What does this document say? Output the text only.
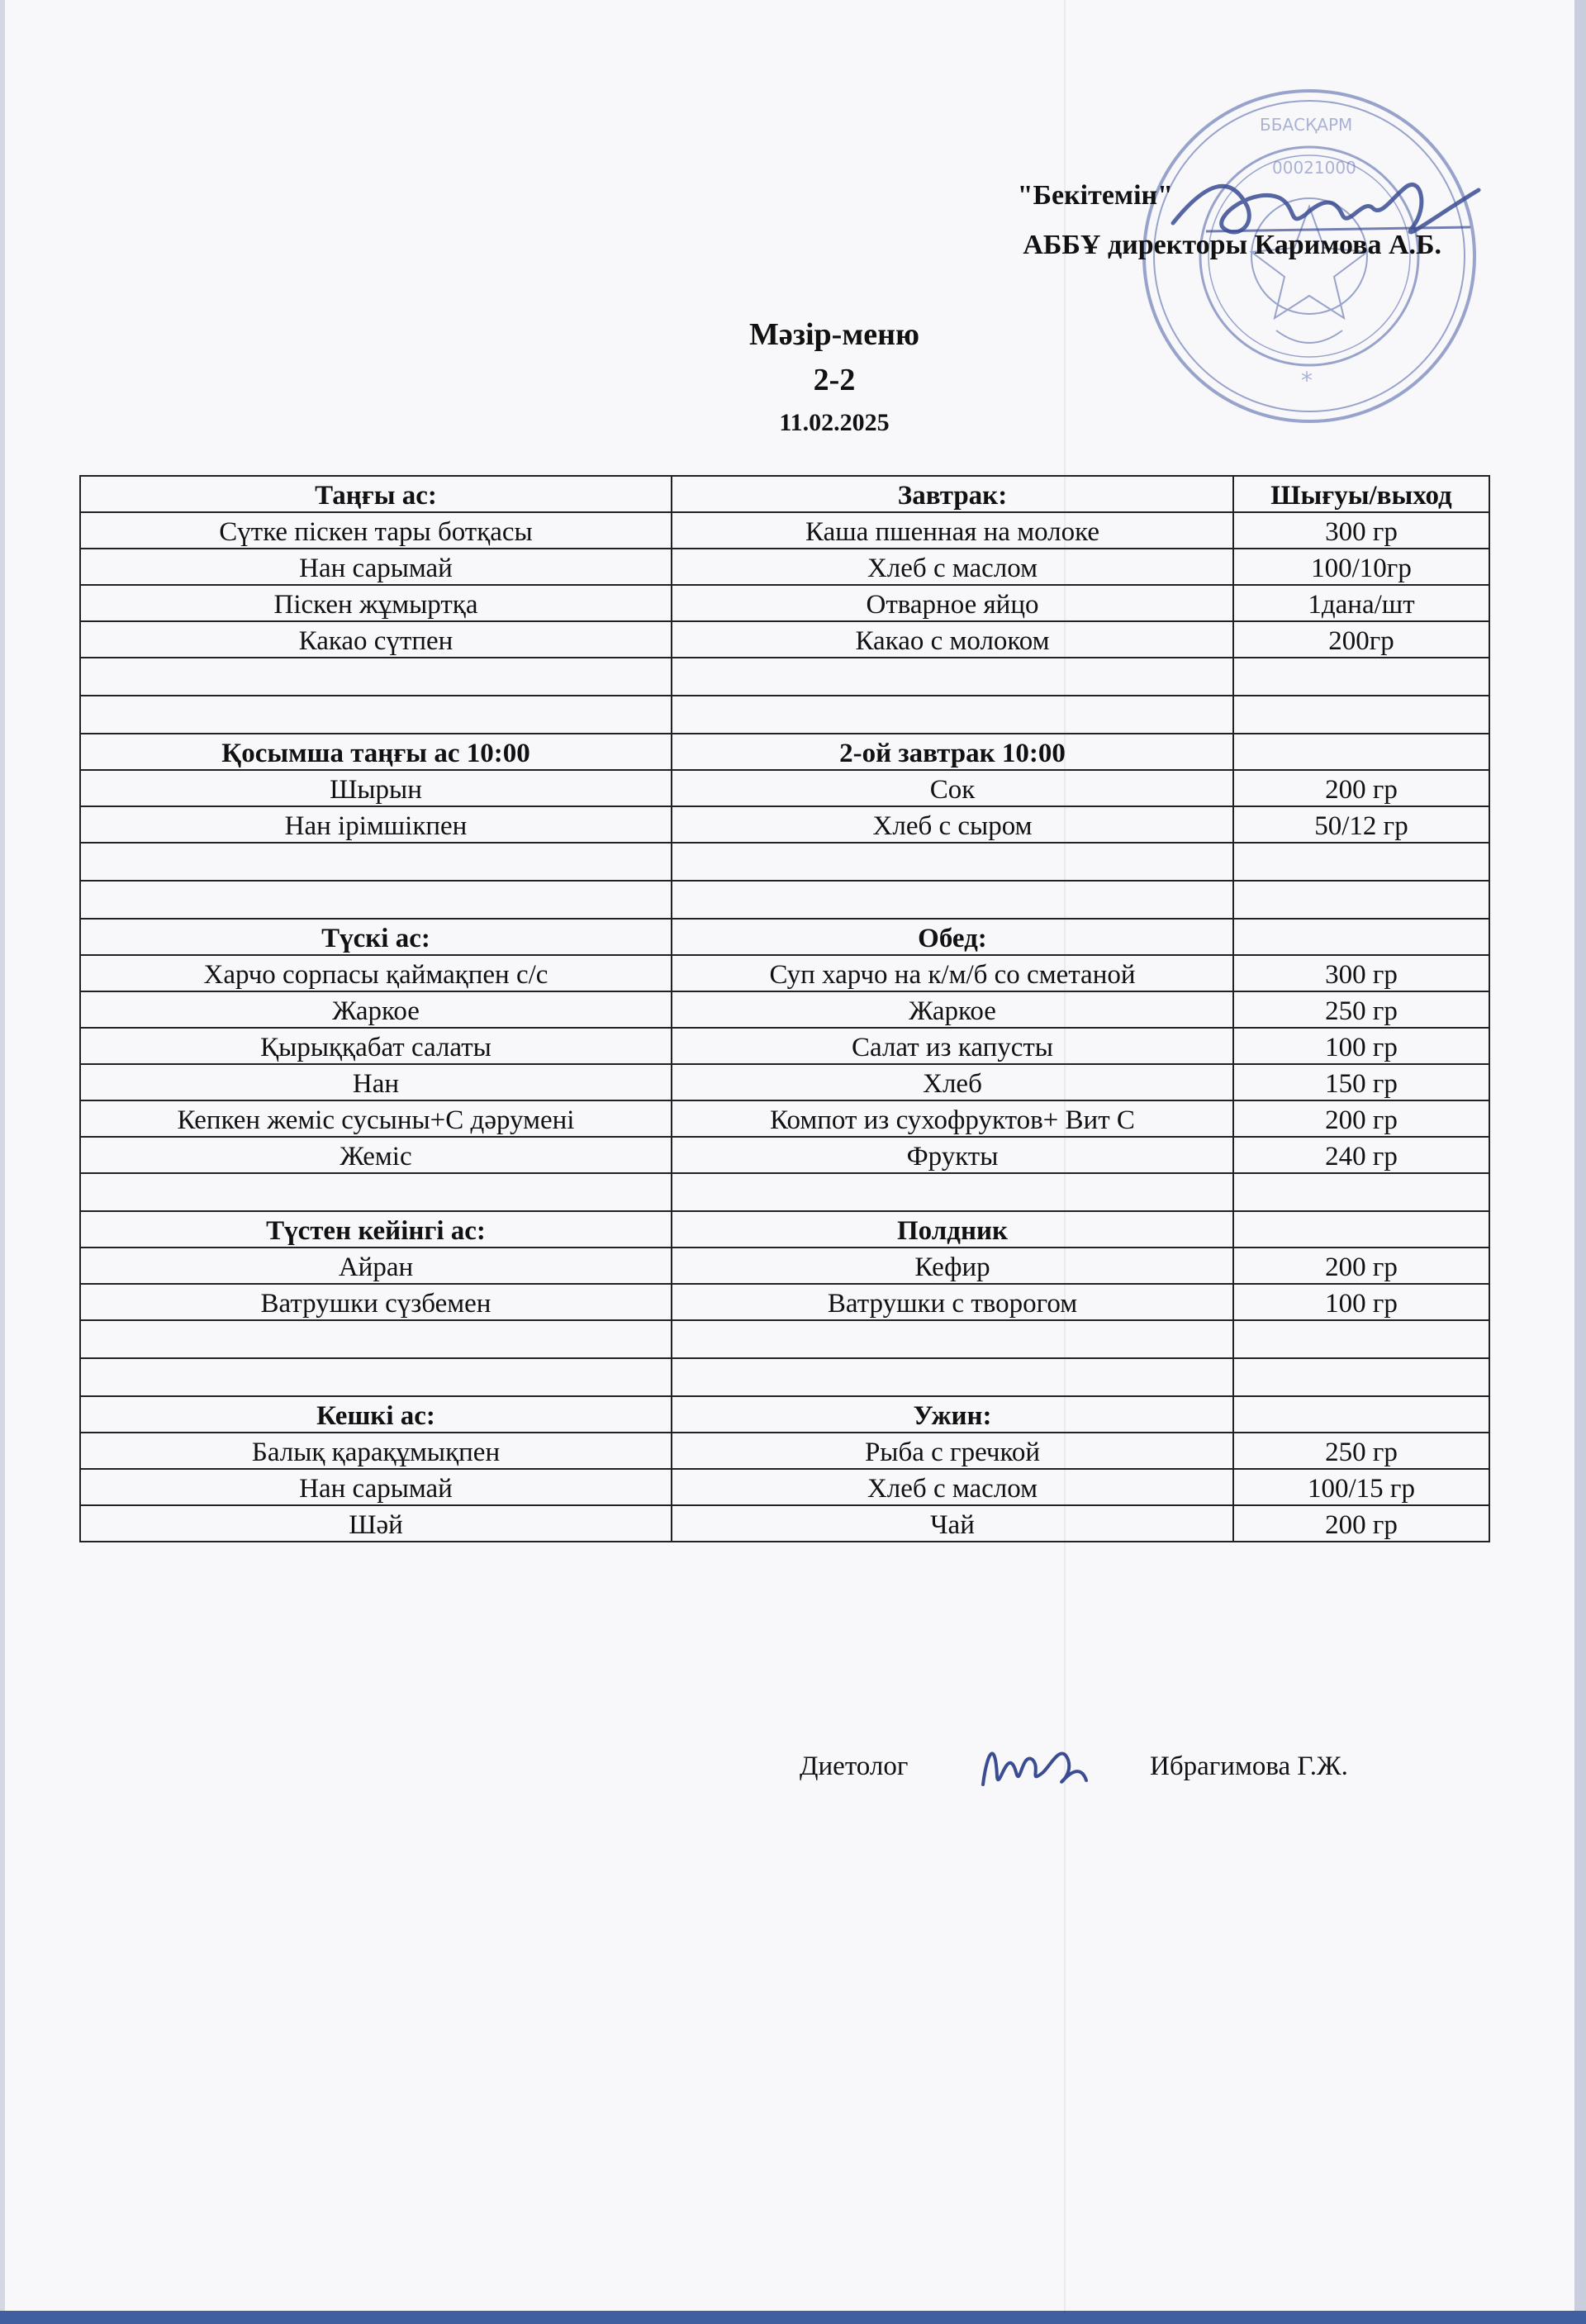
ББАСҚАРМ
00021000
*
"Бекітемін"
АББҰ директоры Каримова А.Б.
Мәзір-меню
2-2
11.02.2025
Таңғы ас:	Завтрак:	Шығуы/выход
Сүтке піскен тары ботқасы	Каша пшенная на молоке	300 гр
Нан сарымай	Хлеб с маслом	100/10гр
Піскен жұмыртқа	Отварное яйцо	1дана/шт
Какао сүтпен	Какао с молоком	200гр

Қосымша таңғы ас 10:00	2-ой завтрак 10:00	
Шырын	Сок	200 гр
Нан ірімшікпен	Хлеб с сыром	50/12 гр

Түскі ас:	Обед:	
Харчо сорпасы қаймақпен с/с	Суп харчо на к/м/б со сметаной	300 гр
Жаркое	Жаркое	250 гр
Қырыққабат салаты	Салат из капусты	100 гр
Нан	Хлеб	150 гр
Кепкен жеміс сусыны+С дәрумені	Компот из сухофруктов+ Вит С	200 гр
Жеміс	Фрукты	240 гр

Түстен кейінгі ас:	Полдник	
Айран	Кефир	200 гр
Ватрушки сүзбемен	Ватрушки с творогом	100 гр

Кешкі ас:	Ужин:	
Балық қарақұмықпен	Рыба с гречкой	250 гр
Нан сарымай	Хлеб с маслом	100/15 гр
Шәй	Чай	200 гр
Диетолог	Ибрагимова Г.Ж.
